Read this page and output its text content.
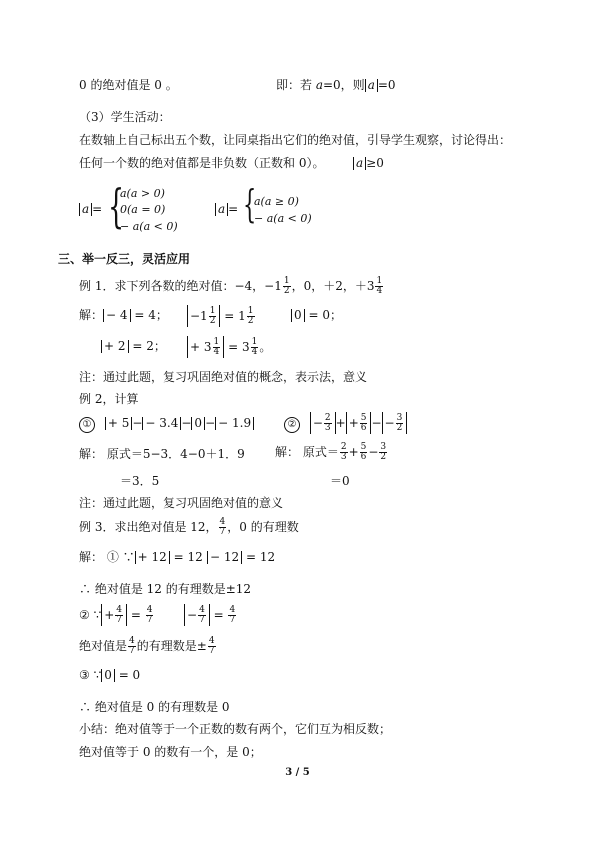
0 的绝对值是 0 。	即：若 a=0，则 a =0
（3）学生活动：
在数轴上自己标出五个数，让同桌指出它们的绝对值，引导学生观察，讨论得出：
任何一个数的绝对值都是非负数（正数和 0）。	a ≥0
a = {
a(a > 0)
0(a = 0)
− a(a < 0)
a = {
a(a ≥ 0)
− a(a < 0)
三、举一反三，灵活应用
例 1．求下列各数的绝对值：−4，$-1 \frac{1}{2}$ ，0，＋2，$+3 \frac{1}{4}$
解： − 4 = 4； $-1 \frac{1}{2} = 1 \frac{1}{2}$	0 = 0；
+ 2 = 2； + $3 \frac{1}{4} = 3 \frac{1}{4}$ 。
注：通过此题，复习巩固绝对值的概念，表示法，意义
例 2，计算
① + 5 − − 3.4 − 0 − − 1.9	② − $\frac{2}{3}$ + + $\frac{5}{6}$ − − $\frac{3}{2}$
解： 原式＝5−3．4−0＋1．9	解： 原式＝ $\frac{2}{3} + \frac{5}{6} - \frac{3}{2}$
＝3．5	＝0
注：通过此题，复习巩固绝对值的意义
例 3．求出绝对值是 12， $\frac{4}{7}$ ，0 的有理数
解： ① ∵ + 12 = 12 − 12 = 12
∴ 绝对值是 12 的有理数是±12
② ∵ + $\frac{4}{7} = \frac{4}{7}$	− $\frac{4}{7} = \frac{4}{7}$
绝对值是 $\frac{4}{7}$ 的有理数是± $\frac{4}{7}$
③ ∵ 0 = 0
∴ 绝对值是 0 的有理数是 0
小结：绝对值等于一个正数的数有两个，它们互为相反数；
绝对值等于 0 的数有一个，是 0；
3 / 5
